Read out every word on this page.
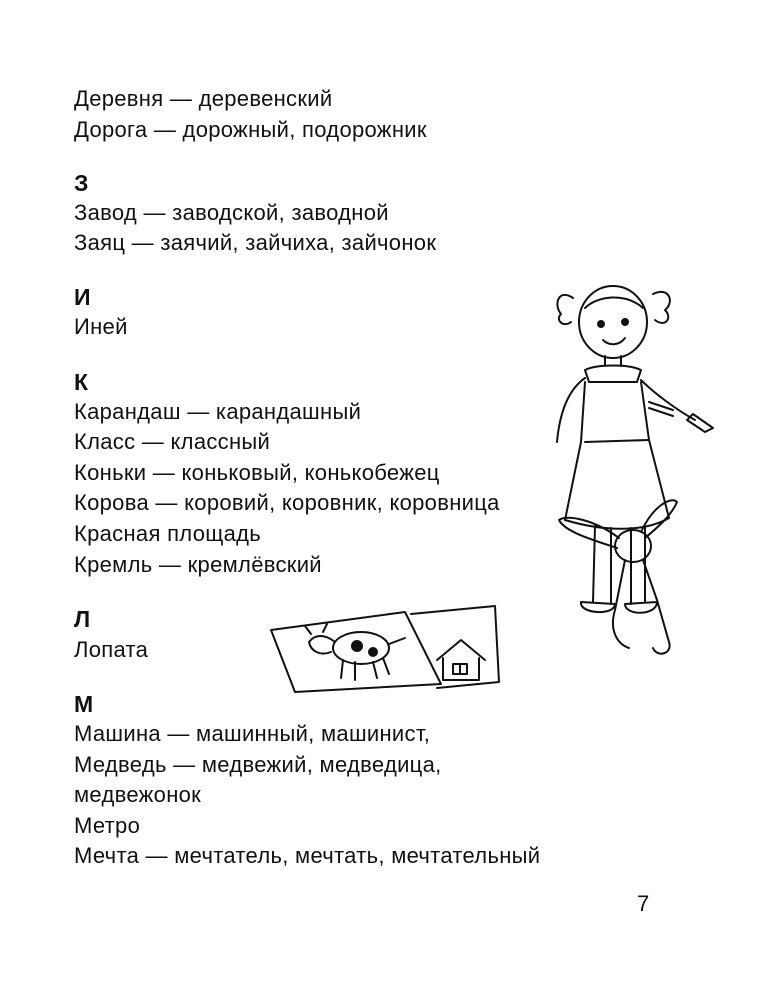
Деревня — деревенский
Дорога — дорожный, подорожник
З
Завод — заводской, заводной
Заяц — заячий, зайчиха, зайчонок
И
Иней
К
Карандаш — карандашный
Класс — классный
Коньки — коньковый, конькобежец
Корова — коровий, коровник, коровница
Красная площадь
Кремль — кремлёвский
Л
Лопата
М
Машина — машинный, машинист,
Медведь — медвежий, медведица,
медвежонок
Метро
Мечта — мечтатель, мечтать, мечтательный
7
